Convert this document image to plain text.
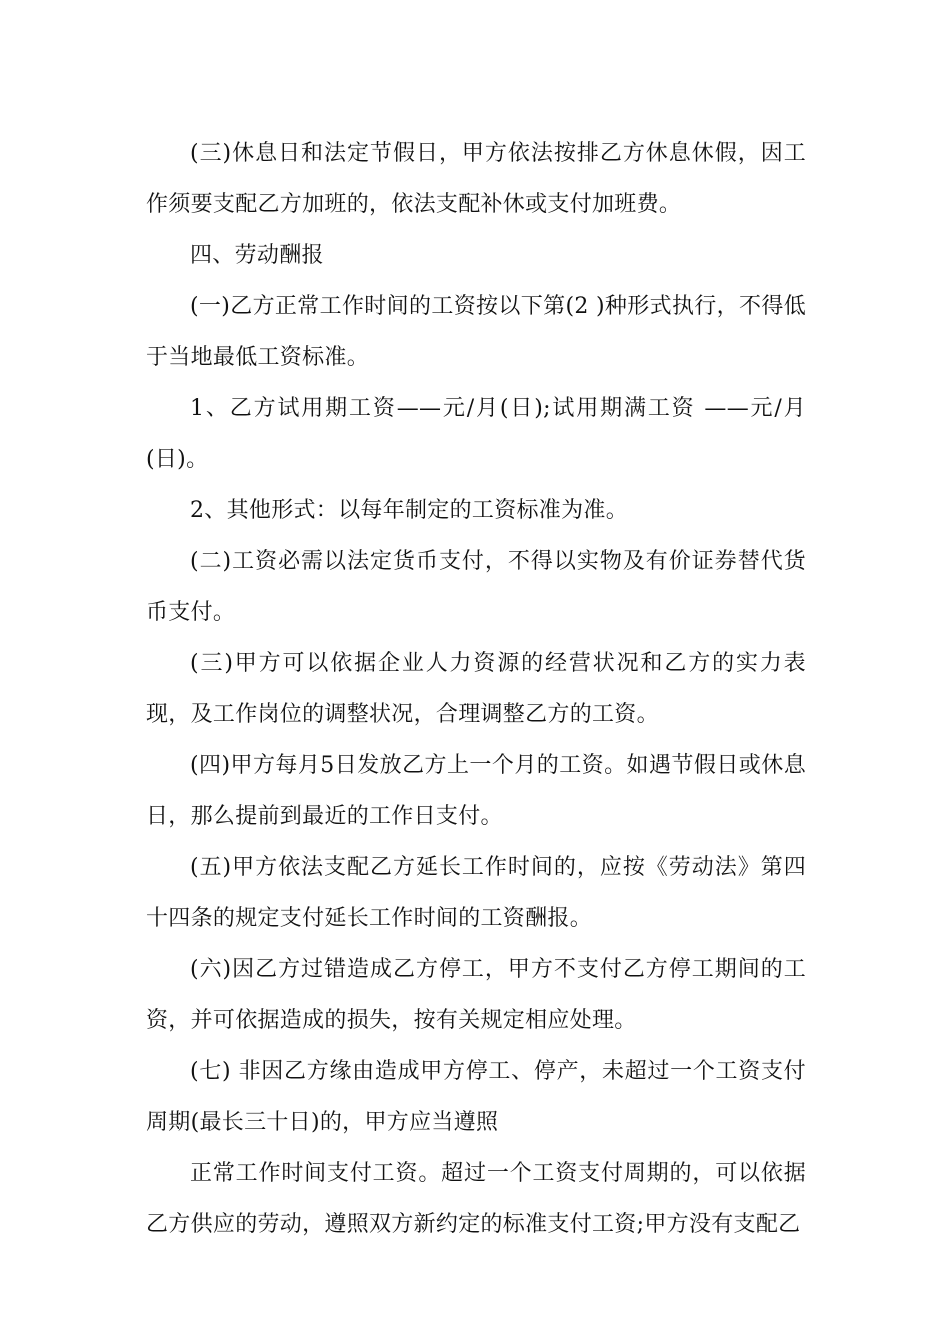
(三)休息日和法定节假日，甲方依法按排乙方休息休假，因工作须要支配乙方加班的，依法支配补休或支付加班费。

四、劳动酬报

(一)乙方正常工作时间的工资按以下第(2 )种形式执行，不得低于当地最低工资标准。

1、乙方试用期工资——元/月(日);试用期满工资 ——元/月(日)。

2、其他形式：以每年制定的工资标准为准。

(二)工资必需以法定货币支付，不得以实物及有价证券替代货币支付。

(三)甲方可以依据企业人力资源的经营状况和乙方的实力表现，及工作岗位的调整状况，合理调整乙方的工资。

(四)甲方每月5日发放乙方上一个月的工资。如遇节假日或休息日，那么提前到最近的工作日支付。

(五)甲方依法支配乙方延长工作时间的，应按《劳动法》第四十四条的规定支付延长工作时间的工资酬报。

(六)因乙方过错造成乙方停工，甲方不支付乙方停工期间的工资，并可依据造成的损失，按有关规定相应处理。

(七) 非因乙方缘由造成甲方停工、停产，未超过一个工资支付周期(最长三十日)的，甲方应当遵照

正常工作时间支付工资。超过一个工资支付周期的，可以依据乙方供应的劳动，遵照双方新约定的标准支付工资;甲方没有支配乙
